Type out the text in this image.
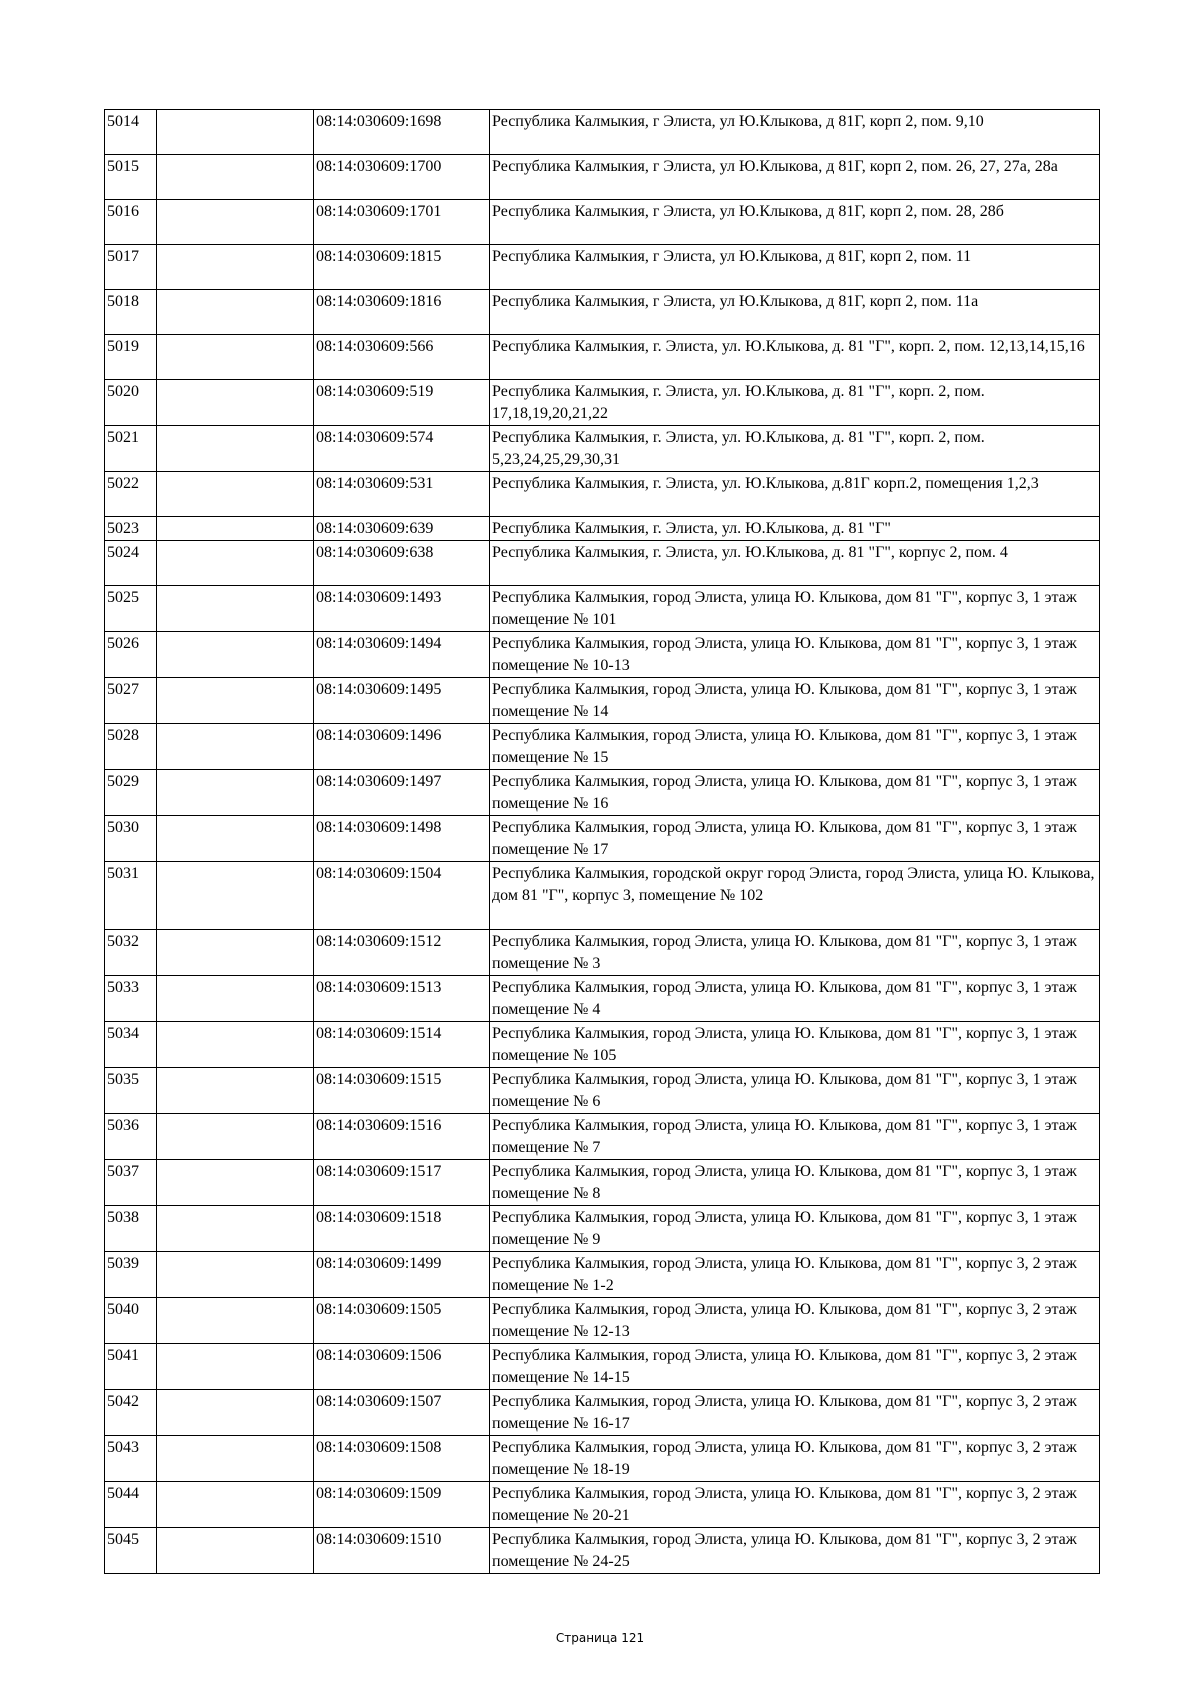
5014		08:14:030609:1698	Республика Калмыкия, г Элиста, ул Ю.Клыкова, д 81Г, корп 2, пом. 9,10
5015		08:14:030609:1700	Республика Калмыкия, г Элиста, ул Ю.Клыкова, д 81Г, корп 2, пом. 26, 27, 27а, 28а
5016		08:14:030609:1701	Республика Калмыкия, г Элиста, ул Ю.Клыкова, д 81Г, корп 2, пом. 28, 28б
5017		08:14:030609:1815	Республика Калмыкия, г Элиста, ул Ю.Клыкова, д 81Г, корп 2, пом. 11
5018		08:14:030609:1816	Республика Калмыкия, г Элиста, ул Ю.Клыкова, д 81Г, корп 2, пом. 11а
5019		08:14:030609:566	Республика Калмыкия, г. Элиста, ул. Ю.Клыкова, д. 81 "Г", корп. 2, пом. 12,13,14,15,16
5020		08:14:030609:519	Республика Калмыкия, г. Элиста, ул. Ю.Клыкова, д. 81 "Г", корп. 2, пом. 17,18,19,20,21,22
5021		08:14:030609:574	Республика Калмыкия, г. Элиста, ул. Ю.Клыкова, д. 81 "Г", корп. 2, пом. 5,23,24,25,29,30,31
5022		08:14:030609:531	Республика Калмыкия, г. Элиста, ул. Ю.Клыкова, д.81Г корп.2, помещения 1,2,3
5023		08:14:030609:639	Республика Калмыкия, г. Элиста, ул. Ю.Клыкова, д. 81 "Г"
5024		08:14:030609:638	Республика Калмыкия, г. Элиста, ул. Ю.Клыкова, д. 81 "Г", корпус 2, пом. 4
5025		08:14:030609:1493	Республика Калмыкия, город Элиста, улица Ю. Клыкова, дом 81 "Г", корпус 3, 1 этаж помещение № 101
5026		08:14:030609:1494	Республика Калмыкия, город Элиста, улица Ю. Клыкова, дом 81 "Г", корпус 3, 1 этаж помещение № 10-13
5027		08:14:030609:1495	Республика Калмыкия, город Элиста, улица Ю. Клыкова, дом 81 "Г", корпус 3, 1 этаж помещение № 14
5028		08:14:030609:1496	Республика Калмыкия, город Элиста, улица Ю. Клыкова, дом 81 "Г", корпус 3, 1 этаж помещение № 15
5029		08:14:030609:1497	Республика Калмыкия, город Элиста, улица Ю. Клыкова, дом 81 "Г", корпус 3, 1 этаж помещение № 16
5030		08:14:030609:1498	Республика Калмыкия, город Элиста, улица Ю. Клыкова, дом 81 "Г", корпус 3, 1 этаж помещение № 17
5031		08:14:030609:1504	Республика Калмыкия, городской округ город Элиста, город Элиста, улица Ю. Клыкова, дом 81 "Г", корпус 3, помещение № 102
5032		08:14:030609:1512	Республика Калмыкия, город Элиста, улица Ю. Клыкова, дом 81 "Г", корпус 3, 1 этаж помещение № 3
5033		08:14:030609:1513	Республика Калмыкия, город Элиста, улица Ю. Клыкова, дом 81 "Г", корпус 3, 1 этаж помещение № 4
5034		08:14:030609:1514	Республика Калмыкия, город Элиста, улица Ю. Клыкова, дом 81 "Г", корпус 3, 1 этаж помещение № 105
5035		08:14:030609:1515	Республика Калмыкия, город Элиста, улица Ю. Клыкова, дом 81 "Г", корпус 3, 1 этаж помещение № 6
5036		08:14:030609:1516	Республика Калмыкия, город Элиста, улица Ю. Клыкова, дом 81 "Г", корпус 3, 1 этаж помещение № 7
5037		08:14:030609:1517	Республика Калмыкия, город Элиста, улица Ю. Клыкова, дом 81 "Г", корпус 3, 1 этаж помещение № 8
5038		08:14:030609:1518	Республика Калмыкия, город Элиста, улица Ю. Клыкова, дом 81 "Г", корпус 3, 1 этаж помещение № 9
5039		08:14:030609:1499	Республика Калмыкия, город Элиста, улица Ю. Клыкова, дом 81 "Г", корпус 3, 2 этаж помещение № 1-2
5040		08:14:030609:1505	Республика Калмыкия, город Элиста, улица Ю. Клыкова, дом 81 "Г", корпус 3, 2 этаж помещение № 12-13
5041		08:14:030609:1506	Республика Калмыкия, город Элиста, улица Ю. Клыкова, дом 81 "Г", корпус 3, 2 этаж помещение № 14-15
5042		08:14:030609:1507	Республика Калмыкия, город Элиста, улица Ю. Клыкова, дом 81 "Г", корпус 3, 2 этаж помещение № 16-17
5043		08:14:030609:1508	Республика Калмыкия, город Элиста, улица Ю. Клыкова, дом 81 "Г", корпус 3, 2 этаж помещение № 18-19
5044		08:14:030609:1509	Республика Калмыкия, город Элиста, улица Ю. Клыкова, дом 81 "Г", корпус 3, 2 этаж помещение № 20-21
5045		08:14:030609:1510	Республика Калмыкия, город Элиста, улица Ю. Клыкова, дом 81 "Г", корпус 3, 2 этаж помещение № 24-25
Страница 121
